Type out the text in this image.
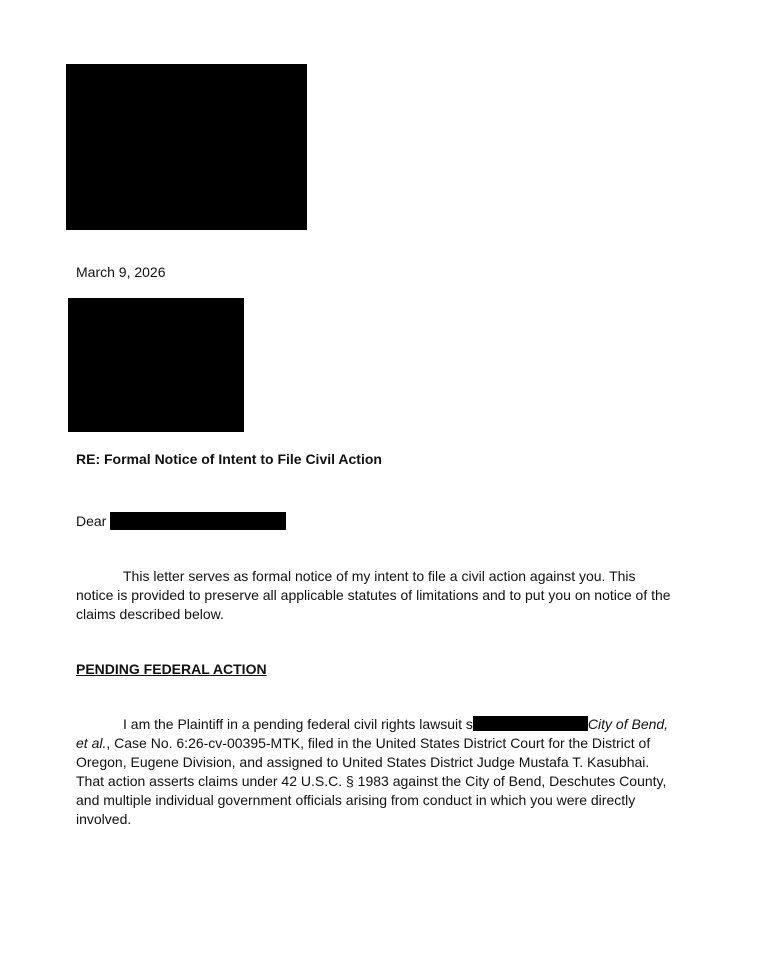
March 9, 2026
RE: Formal Notice of Intent to File Civil Action
Dear
This letter serves as formal notice of my intent to file a civil action against you. This
notice is provided to preserve all applicable statutes of limitations and to put you on notice of the
claims described below.
PENDING FEDERAL ACTION
I am the Plaintiff in a pending federal civil rights lawsuit s	City of Bend,
et al., Case No. 6:26-cv-00395-MTK, filed in the United States District Court for the District of
Oregon, Eugene Division, and assigned to United States District Judge Mustafa T. Kasubhai.
That action asserts claims under 42 U.S.C. § 1983 against the City of Bend, Deschutes County,
and multiple individual government officials arising from conduct in which you were directly
involved.
